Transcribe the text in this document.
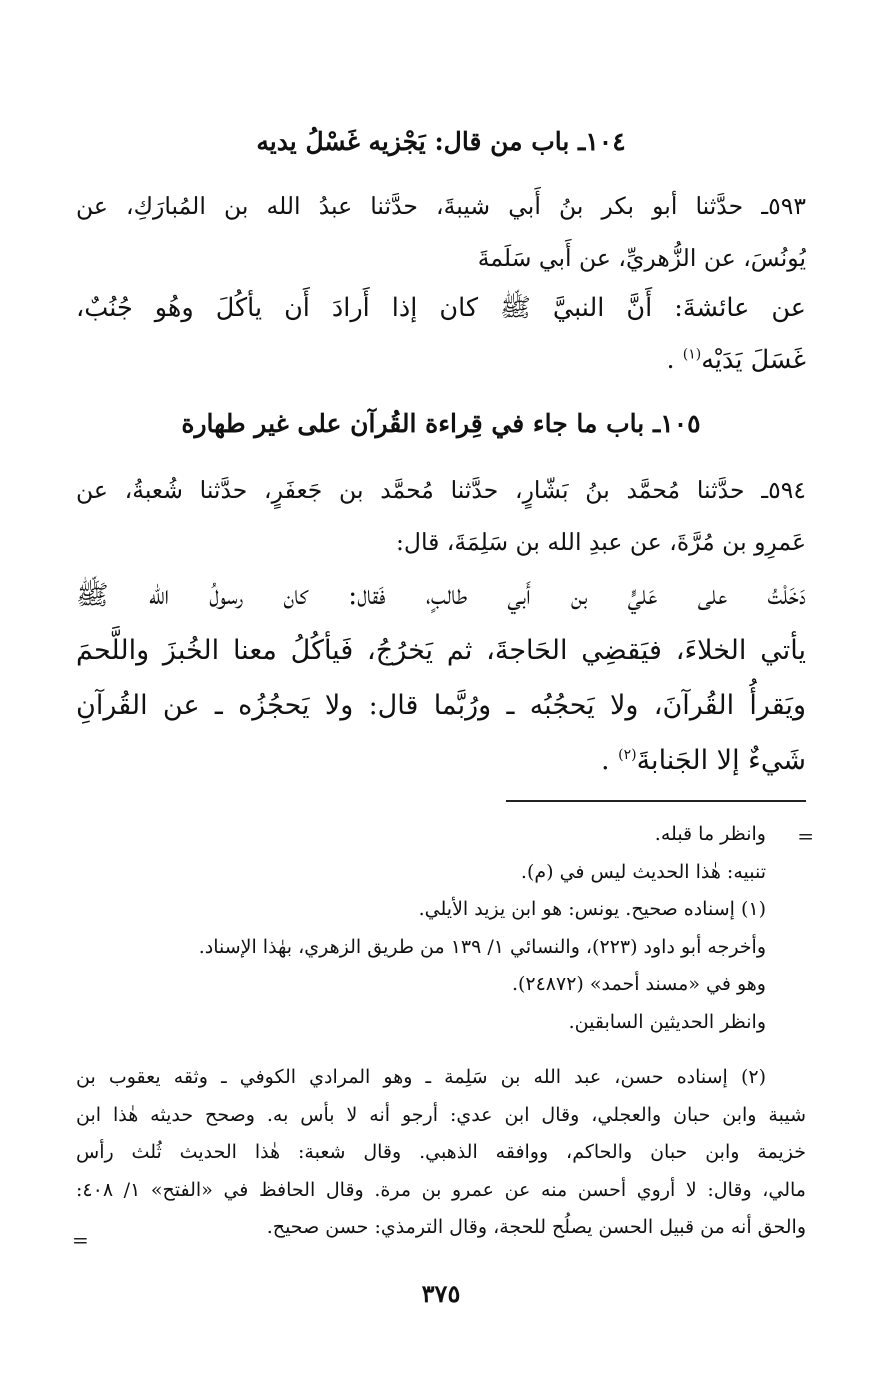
١٠٤ـ باب من قال: يَجْزيه غَسْلُ يديه
٥٩٣ـ حدَّثنا أبو بكر بنُ أَبي شيبةَ، حدَّثنا عبدُ الله بن المُبارَكِ، عن
يُونُسَ، عن الزُّهريِّ، عن أَبي سَلَمةَ
عن عائشةَ: أَنَّ النبيَّ ﷺ كان إذا أَرادَ أَن يأكُلَ وهُو جُنُبٌ،
غَسَلَ يَدَيْه$^{(١)}$ .
١٠٥ـ باب ما جاء في قِراءة القُرآن على غير طهارة
٥٩٤ـ حدَّثنا مُحمَّد بنُ بَشّارٍ، حدَّثنا مُحمَّد بن جَعفَرٍ، حدَّثنا شُعبةُ، عن
عَمرِو بن مُرَّةَ، عن عبدِ الله بن سَلِمَةَ، قال:
دَخَلْتُ على عَليٍّ بن أَبي طالبٍ، فَقال: كان رسولُ الله ﷺ
يأتي الخلاءَ، فيَقضِي الحَاجةَ، ثم يَخرُجُ، فَيأكُلُ معنا الخُبزَ واللَّحمَ
ويَقرأُ القُرآنَ، ولا يَحجُبُه ـ ورُبَّما قال: ولا يَحجُزُه ـ عن القُرآنِ
شَيءٌ إلا الجَنابةَ$^{(٢)}$ .
=
وانظر ما قبله.
تنبيه: هٰذا الحديث ليس في (م).
(١) إسناده صحيح. يونس: هو ابن يزيد الأيلي.
وأخرجه أبو داود (٢٢٣)، والنسائي ١/ ١٣٩ من طريق الزهري، بهٰذا الإسناد.
وهو في «مسند أحمد» (٢٤٨٧٢).
وانظر الحديثين السابقين.
(٢) إسناده حسن، عبد الله بن سَلِمة ـ وهو المرادي الكوفي ـ وثقه يعقوب بن
شيبة وابن حبان والعجلي، وقال ابن عدي: أرجو أنه لا بأس به. وصحح حديثه هٰذا ابن
خزيمة وابن حبان والحاكم، ووافقه الذهبي. وقال شعبة: هٰذا الحديث ثُلث رأس
مالي، وقال: لا أروي أحسن منه عن عمرو بن مرة. وقال الحافظ في «الفتح» ١/ ٤٠٨:
والحق أنه من قبيل الحسن يصلُح للحجة، وقال الترمذي: حسن صحيح.
=
٣٧٥
